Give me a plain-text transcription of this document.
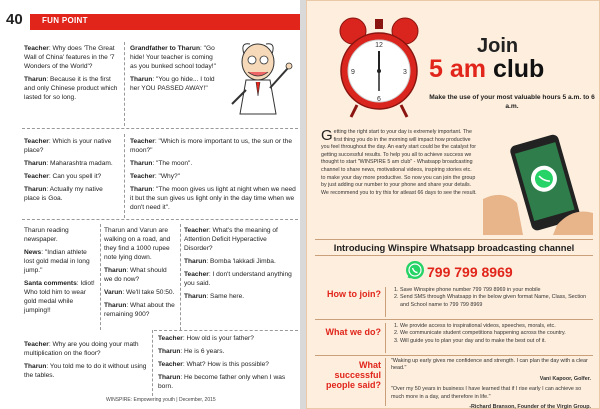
40 FUN POINT

Teacher: Why does 'The Great Wall of China' features in the '7 Wonders of the World'?

Tharun: Because it is the first and only Chinese product which lasted for so long.

Grandfather to Tharun: "Go hide! Your teacher is coming as you bunked school today!"

Tharun: "You go hide... I told her YOU PASSED AWAY!"

Teacher: Which is your native place?

Tharun: Maharashtra madam.

Teacher: Can you spell it?

Tharun: Actually my native place is Goa.

Teacher: "Which is more important to us, the sun or the moon?"

Tharun: "The moon".

Teacher: "Why?"

Tharun: "The moon gives us light at night when we need it but the sun gives us light only in the day time when we don't need it".

Tharun reading newspaper.

News: "Indian athlete lost gold medal in long jump."

Santa comments: Idiot! Who told him to wear gold medal while jumping!!

Tharun and Varun are walking on a road, and they find a 1000 rupee note lying down.

Tharun: What should we do now?

Varun: We'll take 50:50.

Tharun: What about the remaining 900?

Teacher: What's the meaning of Attention Deficit Hyperactive Disorder?

Tharun: Bomba 'lakkadi Jimba.

Teacher: I don't understand anything you said.

Tharun: Same here.

Teacher: Why are you doing your math multiplication on the floor?

Tharun: You told me to do it without using the tables.

Teacher: How old is your father?

Tharun: He is 6 years.

Teacher: What? How is this possible?

Tharun: He become father only when I was born.

WINSPIRE: Empowering youth | December, 2015
12
6
3
9
Join
5 am club
Make the use of your most valuable hours 5 a.m. to 6 a.m.
Getting the right start to your day is extremely important. The first thing you do in the morning will impact how productive you feel throughout the day. An early start could be the catalyst for getting successful results. To help you all to achieve success we thought to start "WINSPIRE 5 am club" - Whatsapp broadcasting channel to share news, motivational videos, inspiring stories etc. to make your day more productive. So now you can join the group by just adding our number to your phone and share your details. We recommend you to try this for atleast 66 days to see the result.
Introducing Winspire Whatsapp broadcasting channel
799 799 8969
How to join?
1.	Save Winspire phone number 799 799 8969 in your mobile
2. Send SMS through Whatsapp in the below given format Name, Class, Section and School name to 799 799 8969
What we do?
1. We provide access to inspirational videos, speeches, morals, etc.
2. We communicate student competitions happening across the country.
3. Will guide you to plan your day and to make the best out of it.
What successful people said?

"Waking up early gives me confidence and strength. I can plan the day with a clear head."

Vani Kapoor, Golfer.

"Over my 50 years in business I have learned that if I rise early I can achieve so much more in a day, and therefore in life."

-Richard Branson, Founder of the Virgin Group.
